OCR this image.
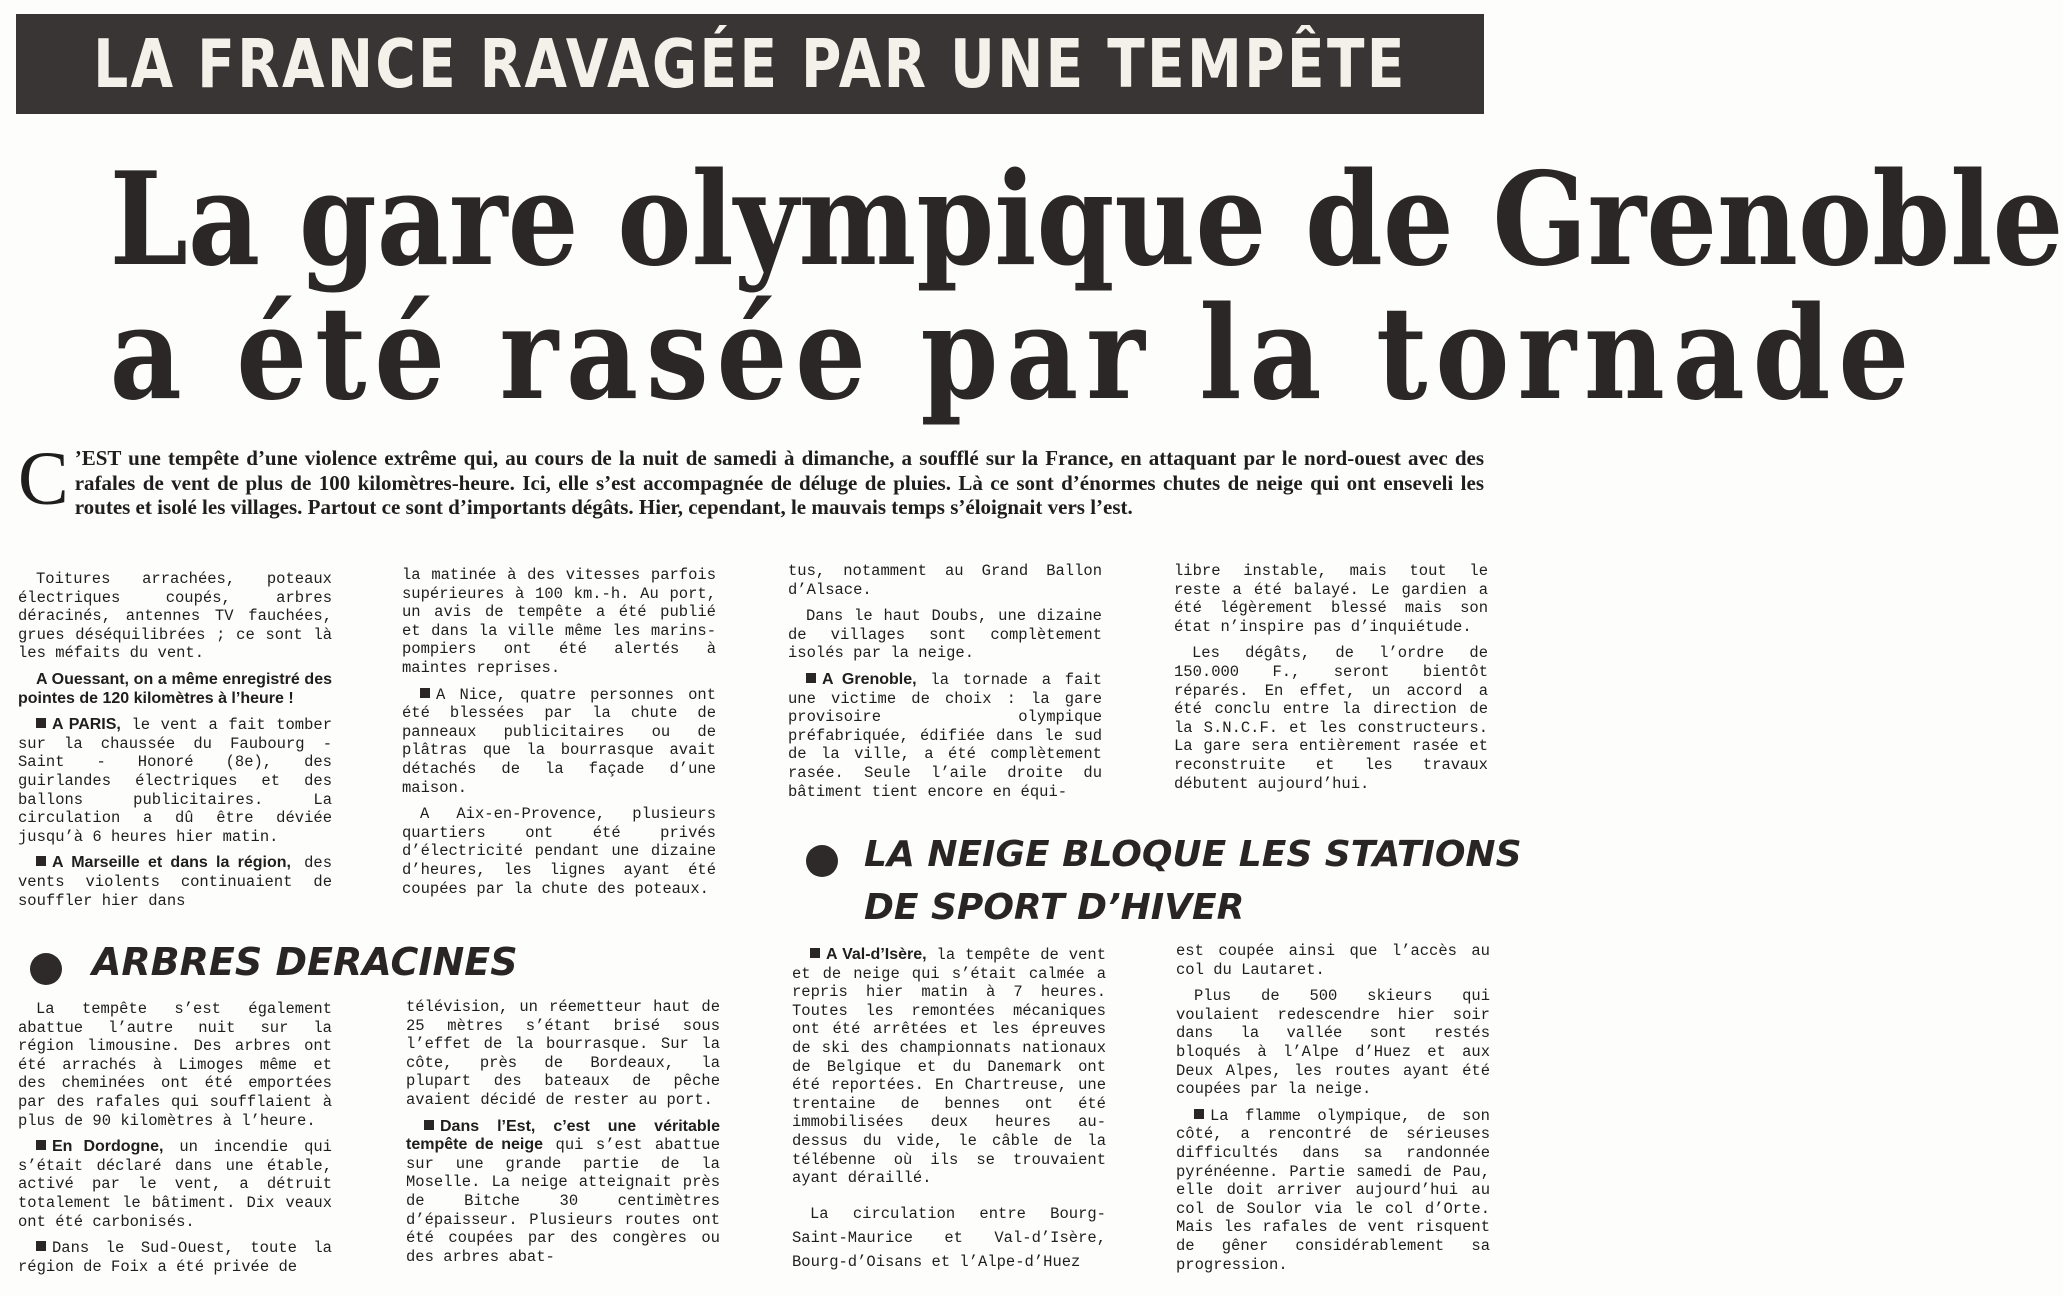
LA FRANCE RAVAGÉE PAR UNE TEMPÊTE
La gare olympique de Grenoble
a été rasée par la tornade

C ’EST une tempête d’une violence extrême qui, au cours de la nuit de samedi à dimanche, a soufflé sur la France, en attaquant par le nord-ouest avec des rafales de vent de plus de 100 kilomètres-heure. Ici, elle s’est accompagnée de déluge de pluies. Là ce sont d’énormes chutes de neige qui ont enseveli les routes et isolé les villages. Partout ce sont d’importants dégâts. Hier, cependant, le mauvais temps s’éloignait vers l’est.

Toitures arrachées, poteaux électriques coupés, arbres déracinés, antennes TV fauchées, grues déséquilibrées ; ce sont là les méfaits du vent.

A Ouessant, on a même enregistré des pointes de 120 kilomètres à l’heure !

A PARIS, le vent a fait tomber sur la chaussée du Faubourg - Saint - Honoré (8e), des guirlandes électriques et des ballons publicitaires. La circulation a dû être déviée jusqu’à 6 heures hier matin.

A Marseille et dans la région, des vents violents continuaient de souffler hier dans

la matinée à des vitesses parfois supérieures à 100 km.-h. Au port, un avis de tempête a été publié et dans la ville même les marins-pompiers ont été alertés à maintes reprises.

A Nice, quatre personnes ont été blessées par la chute de panneaux publicitaires ou de plâtras que la bourrasque avait détachés de la façade d’une maison.

A Aix-en-Provence, plusieurs quartiers ont été privés d’électricité pendant une dizaine d’heures, les lignes ayant été coupées par la chute des poteaux.

tus, notamment au Grand Ballon d’Alsace.

Dans le haut Doubs, une dizaine de villages sont complètement isolés par la neige.

A Grenoble, la tornade a fait une victime de choix : la gare provisoire olympique préfabriquée, édifiée dans le sud de la ville, a été complètement rasée. Seule l’aile droite du bâtiment tient encore en équi-

libre instable, mais tout le reste a été balayé. Le gardien a été légèrement blessé mais son état n’inspire pas d’inquiétude.

Les dégâts, de l’ordre de 150.000 F., seront bientôt réparés. En effet, un accord a été conclu entre la direction de la S.N.C.F. et les constructeurs. La gare sera entièrement rasée et reconstruite et les travaux débutent aujourd’hui.

ARBRES DERACINES
LA NEIGE BLOQUE LES STATIONS
DE SPORT D’HIVER

La tempête s’est également abattue l’autre nuit sur la région limousine. Des arbres ont été arrachés à Limoges même et des cheminées ont été emportées par des rafales qui soufflaient à plus de 90 kilomètres à l’heure.

En Dordogne, un incendie qui s’était déclaré dans une étable, activé par le vent, a détruit totalement le bâtiment. Dix veaux ont été carbonisés.

Dans le Sud-Ouest, toute la région de Foix a été privée de

télévision, un réemetteur haut de 25 mètres s’étant brisé sous l’effet de la bourrasque. Sur la côte, près de Bordeaux, la plupart des bateaux de pêche avaient décidé de rester au port.

Dans l’Est, c’est une véritable tempête de neige qui s’est abattue sur une grande partie de la Moselle. La neige atteignait près de Bitche 30 centimètres d’épaisseur. Plusieurs routes ont été coupées par des congères ou des arbres abat-

A Val-d’Isère, la tempête de vent et de neige qui s’était calmée a repris hier matin à 7 heures. Toutes les remontées mécaniques ont été arrêtées et les épreuves de ski des championnats nationaux de Belgique et du Danemark ont été reportées. En Chartreuse, une trentaine de bennes ont été immobilisées deux heures au-dessus du vide, le câble de la télébenne où ils se trouvaient ayant déraillé.

La circulation entre Bourg-Saint-Maurice et Val-d’Isère, Bourg-d’Oisans et l’Alpe-d’Huez

est coupée ainsi que l’accès au col du Lautaret.

Plus de 500 skieurs qui voulaient redescendre hier soir dans la vallée sont restés bloqués à l’Alpe d’Huez et aux Deux Alpes, les routes ayant été coupées par la neige.

La flamme olympique, de son côté, a rencontré de sérieuses difficultés dans sa randonnée pyrénéenne. Partie samedi de Pau, elle doit arriver aujourd’hui au col de Soulor via le col d’Orte. Mais les rafales de vent risquent de gêner considérablement sa progression.
